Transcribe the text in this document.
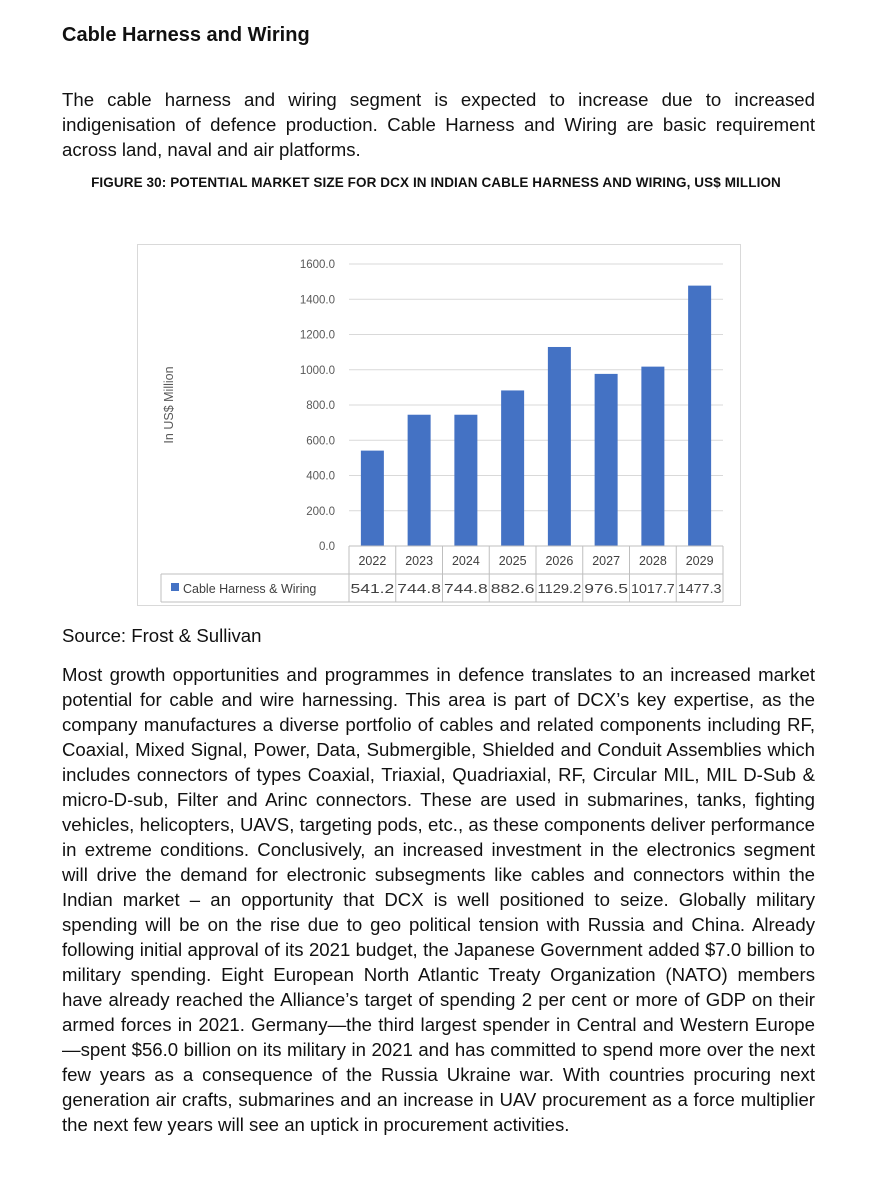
Cable Harness and Wiring

The cable harness and wiring segment is expected to increase due to increased indigenisation of defence production. Cable Harness and Wiring are basic requirement across land, naval and air platforms.

FIGURE 30: POTENTIAL MARKET SIZE FOR DCX IN INDIAN CABLE HARNESS AND WIRING, US$ MILLION

0.0
200.0
400.0
600.0
800.0
1000.0
1200.0
1400.0
1600.0
In US$ Million
2022
541.2
2023
744.8
2024
744.8
2025
882.6
2026
1129.2
2027
976.5
2028
1017.7
2029
1477.3
Cable Harness & Wiring

Source: Frost & Sullivan

Most growth opportunities and programmes in defence translates to an increased market potential for cable and wire harnessing. This area is part of DCX’s key expertise, as the company manufactures a diverse portfolio of cables and related components including RF, Coaxial, Mixed Signal, Power, Data, Submergible, Shielded and Conduit Assemblies which includes connectors of types Coaxial, Triaxial, Quadriaxial, RF, Circular MIL, MIL D-Sub & micro-D-sub, Filter and Arinc connectors. These are used in submarines, tanks, fighting vehicles, helicopters, UAVS, targeting pods, etc., as these components deliver performance in extreme conditions. Conclusively, an increased investment in the electronics segment will drive the demand for electronic subsegments like cables and connectors within the Indian market – an opportunity that DCX is well positioned to seize. Globally military spending will be on the rise due to geo political tension with Russia and China. Already following initial approval of its 2021 budget, the Japanese Government added $7.0 billion to military spending. Eight European North Atlantic Treaty Organization (NATO) members have already reached the Alliance’s target of spending 2 per cent or more of GDP on their armed forces in 2021. Germany—the third largest spender in Central and Western Europe—spent $56.0 billion on its military in 2021 and has committed to spend more over the next few years as a consequence of the Russia Ukraine war. With countries procuring next generation air crafts, submarines and an increase in UAV procurement as a force multiplier the next few years will see an uptick in procurement activities.
